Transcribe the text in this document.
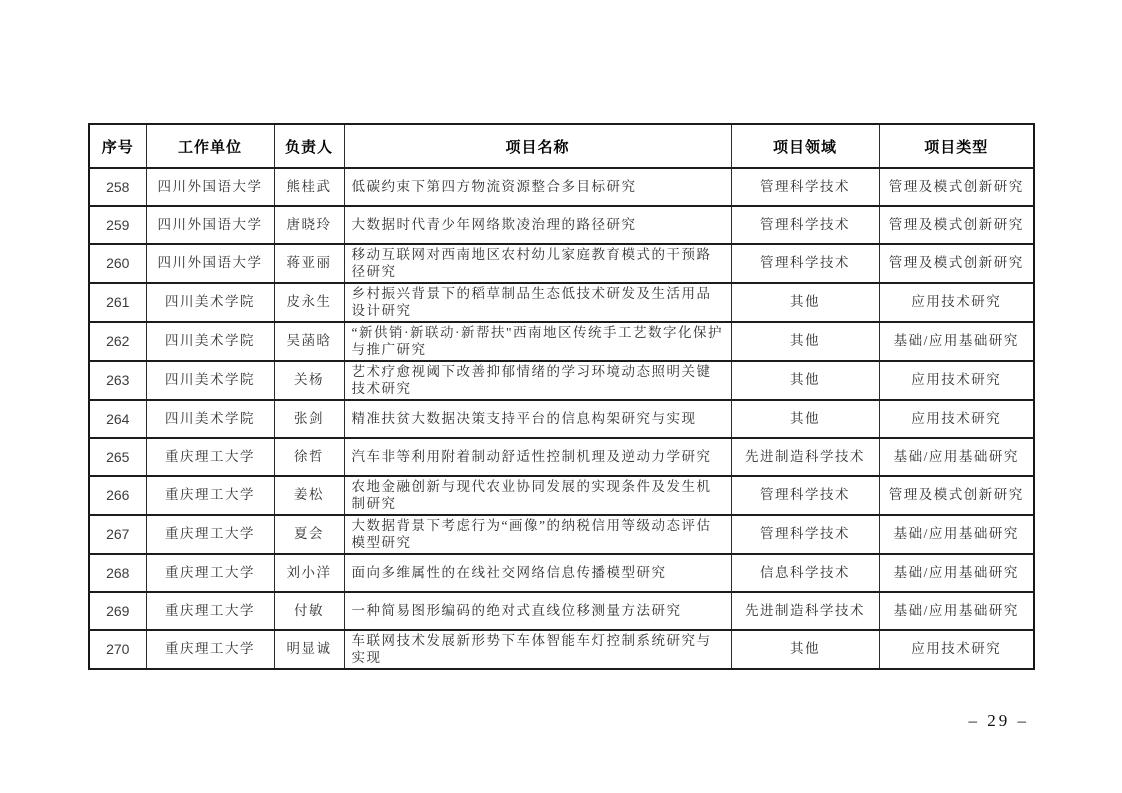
序号	工作单位	负责人	项目名称	项目领域	项目类型
258	四川外国语大学	熊桂武	低碳约束下第四方物流资源整合多目标研究	管理科学技术	管理及模式创新研究
259	四川外国语大学	唐晓玲	大数据时代青少年网络欺凌治理的路径研究	管理科学技术	管理及模式创新研究
260	四川外国语大学	蒋亚丽	移动互联网对西南地区农村幼儿家庭教育模式的干预路径研究	管理科学技术	管理及模式创新研究
261	四川美术学院	皮永生	乡村振兴背景下的稻草制品生态低技术研发及生活用品设计研究	其他	应用技术研究
262	四川美术学院	吴菡晗	“新供销·新联动·新帮扶"西南地区传统手工艺数字化保护与推广研究	其他	基础/应用基础研究
263	四川美术学院	关杨	艺术疗愈视阈下改善抑郁情绪的学习环境动态照明关键技术研究	其他	应用技术研究
264	四川美术学院	张剑	精准扶贫大数据决策支持平台的信息构架研究与实现	其他	应用技术研究
265	重庆理工大学	徐哲	汽车非等利用附着制动舒适性控制机理及逆动力学研究	先进制造科学技术	基础/应用基础研究
266	重庆理工大学	姜松	农地金融创新与现代农业协同发展的实现条件及发生机制研究	管理科学技术	管理及模式创新研究
267	重庆理工大学	夏会	大数据背景下考虑行为“画像”的纳税信用等级动态评估模型研究	管理科学技术	基础/应用基础研究
268	重庆理工大学	刘小洋	面向多维属性的在线社交网络信息传播模型研究	信息科学技术	基础/应用基础研究
269	重庆理工大学	付敏	一种简易图形编码的绝对式直线位移测量方法研究	先进制造科学技术	基础/应用基础研究
270	重庆理工大学	明显诚	车联网技术发展新形势下车体智能车灯控制系统研究与实现	其他	应用技术研究
– 29 –
